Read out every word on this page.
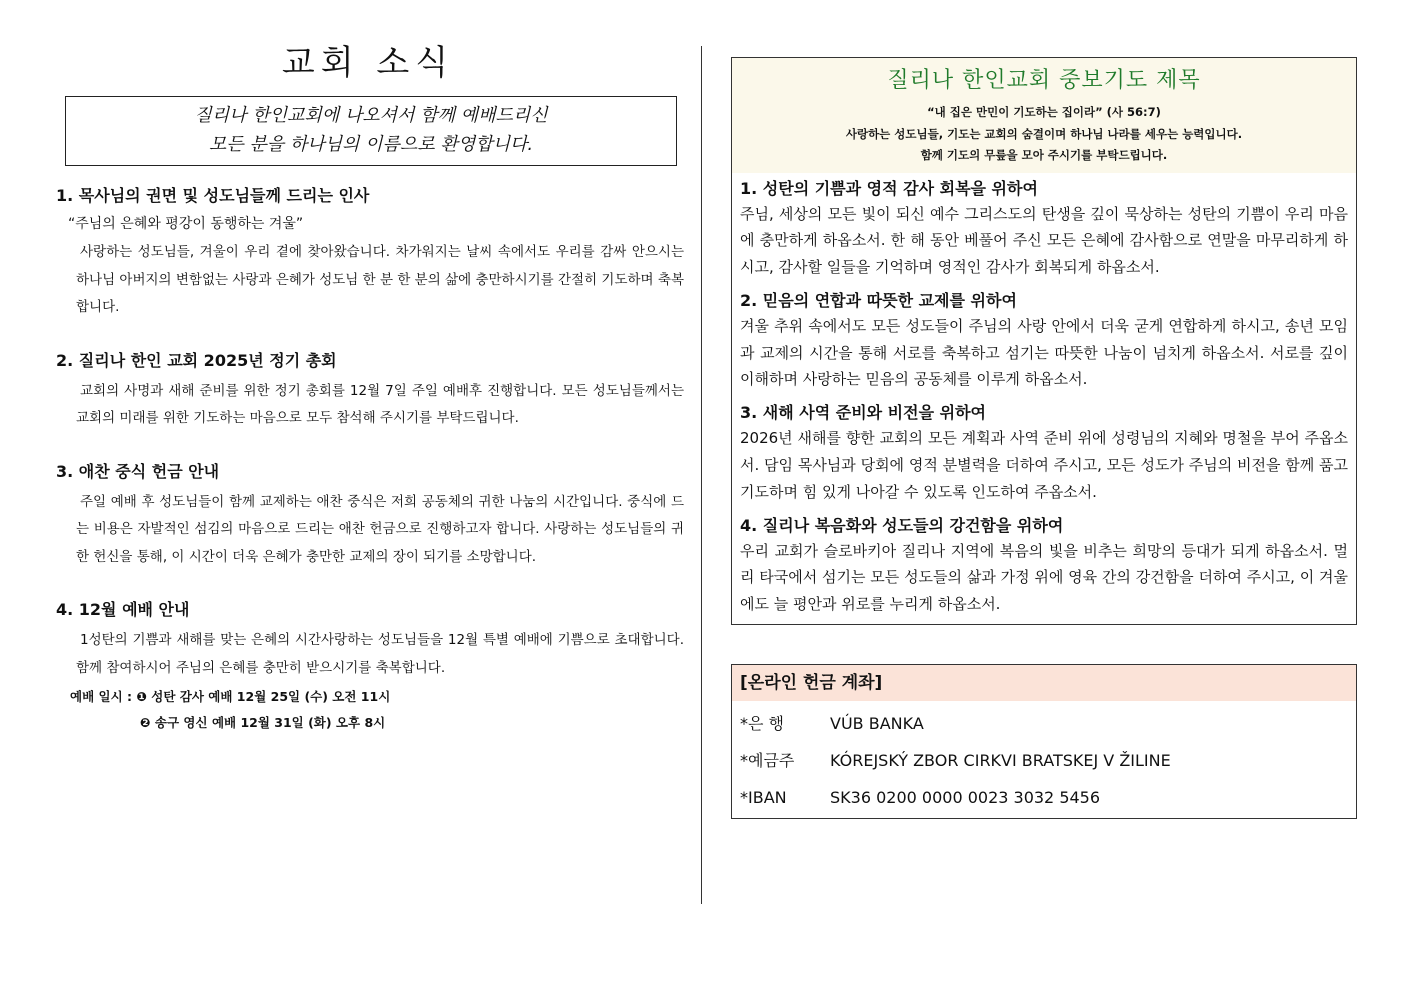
교회 소식
질리나 한인교회에 나오셔서 함께 예배드리신
모든 분을 하나님의 이름으로 환영합니다.
1. 목사님의 권면 및 성도님들께 드리는 인사
“주님의 은혜와 평강이 동행하는 겨울”

사랑하는 성도님들, 겨울이 우리 곁에 찾아왔습니다. 차가워지는 날씨 속에서도 우리를 감싸 안으시는 하나님 아버지의 변함없는 사랑과 은혜가 성도님 한 분 한 분의 삶에 충만하시기를 간절히 기도하며 축복합니다.

2. 질리나 한인 교회 2025년 정기 총회

교회의 사명과 새해 준비를 위한 정기 총회를 12월 7일 주일 예배후 진행합니다. 모든 성도님들께서는 교회의 미래를 위한 기도하는 마음으로 모두 참석해 주시기를 부탁드립니다.

3. 애찬 중식 헌금 안내

주일 예배 후 성도님들이 함께 교제하는 애찬 중식은 저희 공동체의 귀한 나눔의 시간입니다. 중식에 드는 비용은 자발적인 섬김의 마음으로 드리는 애찬 헌금으로 진행하고자 합니다. 사랑하는 성도님들의 귀한 헌신을 통해, 이 시간이 더욱 은혜가 충만한 교제의 장이 되기를 소망합니다.

4. 12월 예배 안내

1성탄의 기쁨과 새해를 맞는 은혜의 시간사랑하는 성도님들을 12월 특별 예배에 기쁨으로 초대합니다. 함께 참여하시어 주님의 은혜를 충만히 받으시기를 축복합니다.

예배 일시 : ❶ 성탄 감사 예배 12월 25일 (수) 오전 11시
❷ 송구 영신 예배 12월 31일 (화) 오후 8시
질리나 한인교회 중보기도 제목
“내 집은 만민이 기도하는 집이라” (사 56:7)
사랑하는 성도님들, 기도는 교회의 숨결이며 하나님 나라를 세우는 능력입니다.
함께 기도의 무릎을 모아 주시기를 부탁드립니다.
1. 성탄의 기쁨과 영적 감사 회복을 위하여

주님, 세상의 모든 빛이 되신 예수 그리스도의 탄생을 깊이 묵상하는 성탄의 기쁨이 우리 마음에 충만하게 하옵소서. 한 해 동안 베풀어 주신 모든 은혜에 감사함으로 연말을 마무리하게 하시고, 감사할 일들을 기억하며 영적인 감사가 회복되게 하옵소서.

2. 믿음의 연합과 따뜻한 교제를 위하여

겨울 추위 속에서도 모든 성도들이 주님의 사랑 안에서 더욱 굳게 연합하게 하시고, 송년 모임과 교제의 시간을 통해 서로를 축복하고 섬기는 따뜻한 나눔이 넘치게 하옵소서. 서로를 깊이 이해하며 사랑하는 믿음의 공동체를 이루게 하옵소서.

3. 새해 사역 준비와 비전을 위하여

2026년 새해를 향한 교회의 모든 계획과 사역 준비 위에 성령님의 지혜와 명철을 부어 주옵소서. 담임 목사님과 당회에 영적 분별력을 더하여 주시고, 모든 성도가 주님의 비전을 함께 품고 기도하며 힘 있게 나아갈 수 있도록 인도하여 주옵소서.

4. 질리나 복음화와 성도들의 강건함을 위하여

우리 교회가 슬로바키아 질리나 지역에 복음의 빛을 비추는 희망의 등대가 되게 하옵소서. 멀리 타국에서 섬기는 모든 성도들의 삶과 가정 위에 영육 간의 강건함을 더하여 주시고, 이 겨울에도 늘 평안과 위로를 누리게 하옵소서.

[온라인 헌금 계좌]
*은 행	VÚB BANKA
*예금주	KÓREJSKÝ ZBOR CIRKVI BRATSKEJ V ŽILINE
*IBAN	SK36 0200 0000 0023 3032 5456
